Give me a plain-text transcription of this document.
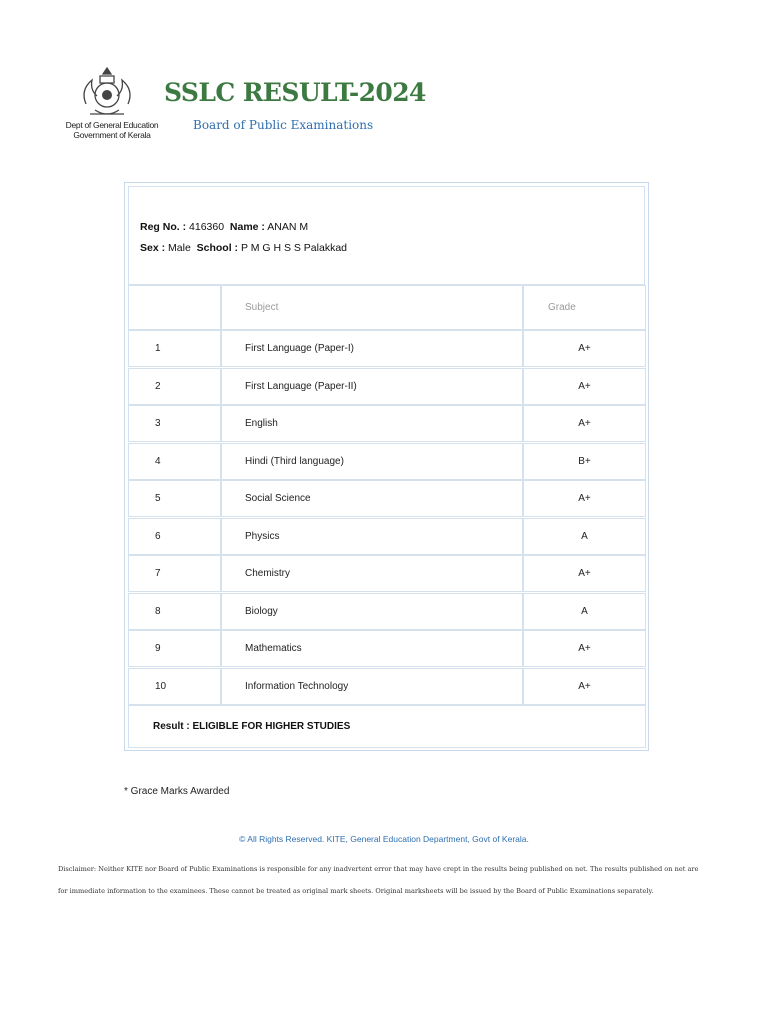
Dept of General Education
Government of Kerala
SSLC RESULT-2024
Board of Public Examinations
Reg No. : 416360 Name : ANAN M
Sex : Male School : P M G H S S Palakkad
Subject	Grade
1	First Language (Paper-I)	A+
2	First Language (Paper-II)	A+
3	English	A+
4	Hindi (Third language)	B+
5	Social Science	A+
6	Physics	A
7	Chemistry	A+
8	Biology	A
9	Mathematics	A+
10	Information Technology	A+
Result : ELIGIBLE FOR HIGHER STUDIES
* Grace Marks Awarded
© All Rights Reserved. KITE, General Education Department, Govt of Kerala.
Disclaimer: Neither KITE nor Board of Public Examinations is responsible for any inadvertent error that may have crept in the results being published on net. The results published on net are for immediate information to the examinees. These cannot be treated as original mark sheets. Original marksheets will be issued by the Board of Public Examinations separately.
